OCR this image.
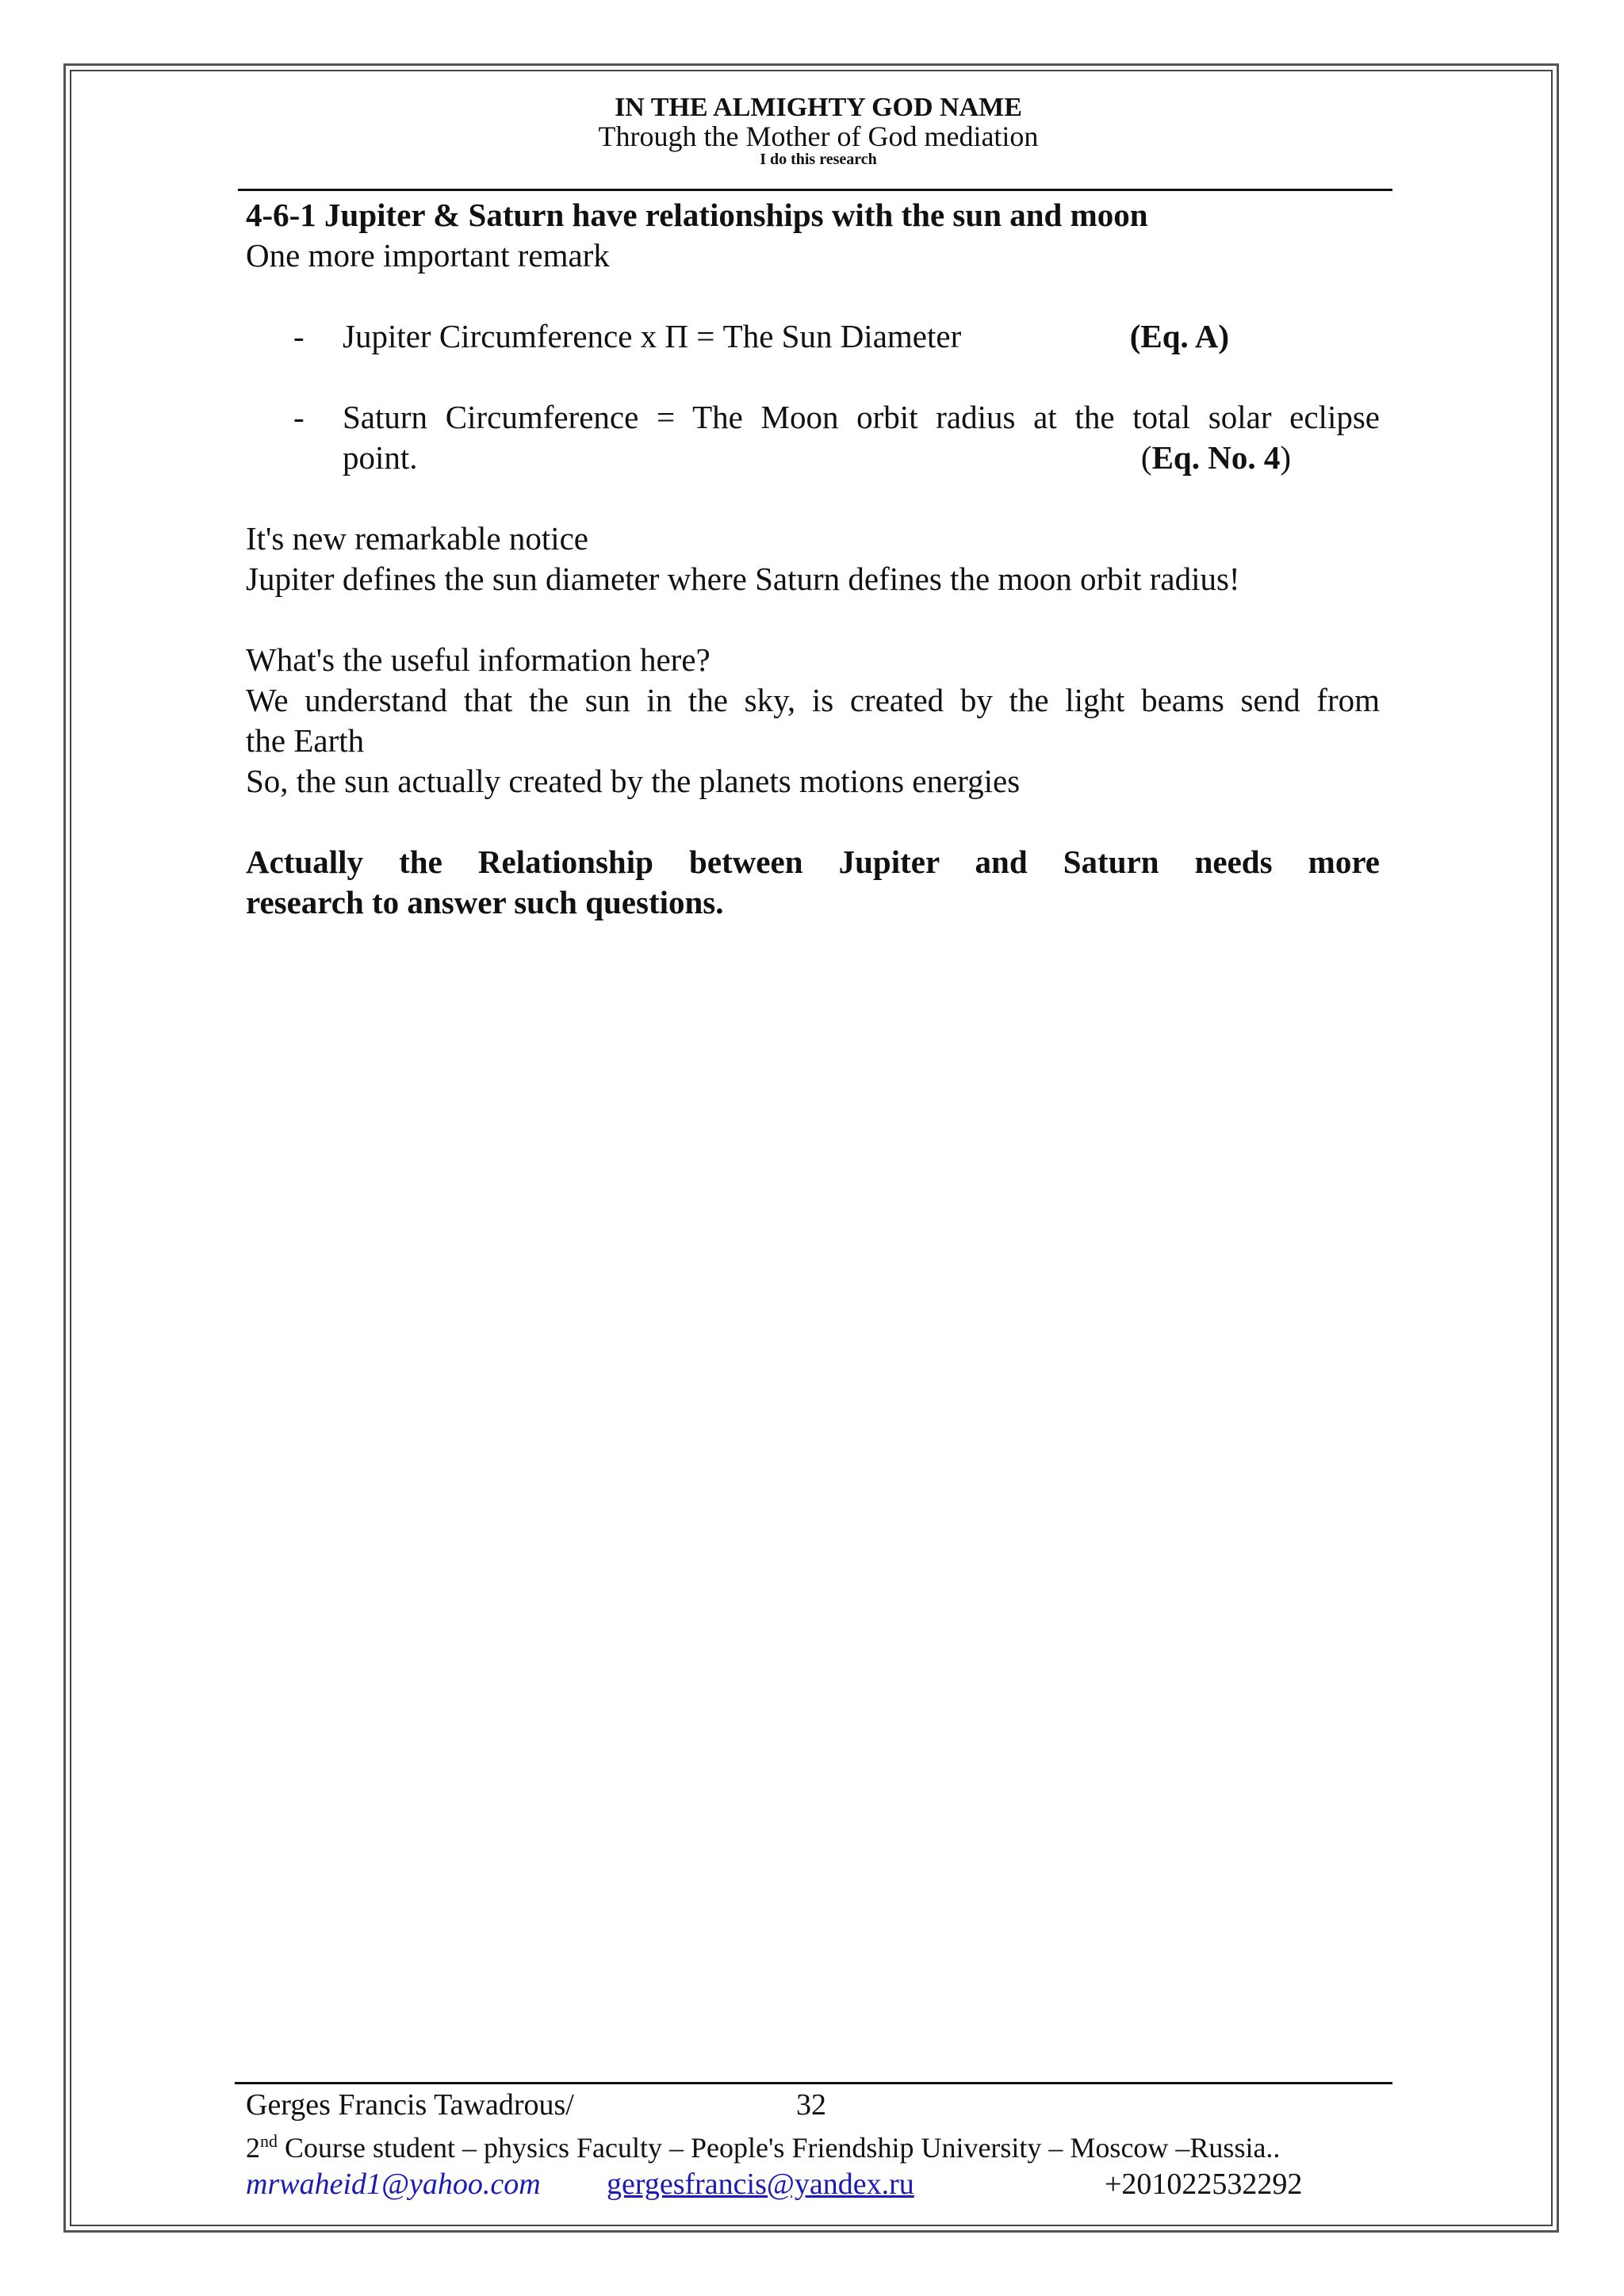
IN THE ALMIGHTY GOD NAME
Through the Mother of God mediation
I do this research

4-6-1 Jupiter & Saturn have relationships with the sun and moon

One more important remark

-	Jupiter Circumference x Π = The Sun Diameter	(Eq. A)
-	Saturn Circumference = The Moon orbit radius at the total solar eclipse
point.	(Eq. No. 4)

It's new remarkable notice

Jupiter defines the sun diameter where Saturn defines the moon orbit radius!

What's the useful information here?

We understand that the sun in the sky, is created by the light beams send from

the Earth

So, the sun actually created by the planets motions energies

Actually the Relationship between Jupiter and Saturn needs more

research to answer such questions.

Gerges Francis Tawadrous/	32
2nd Course student – physics Faculty – People's Friendship University – Moscow –Russia..
mrwaheid1@yahoo.com gergesfrancis@yandex.ru	+201022532292
